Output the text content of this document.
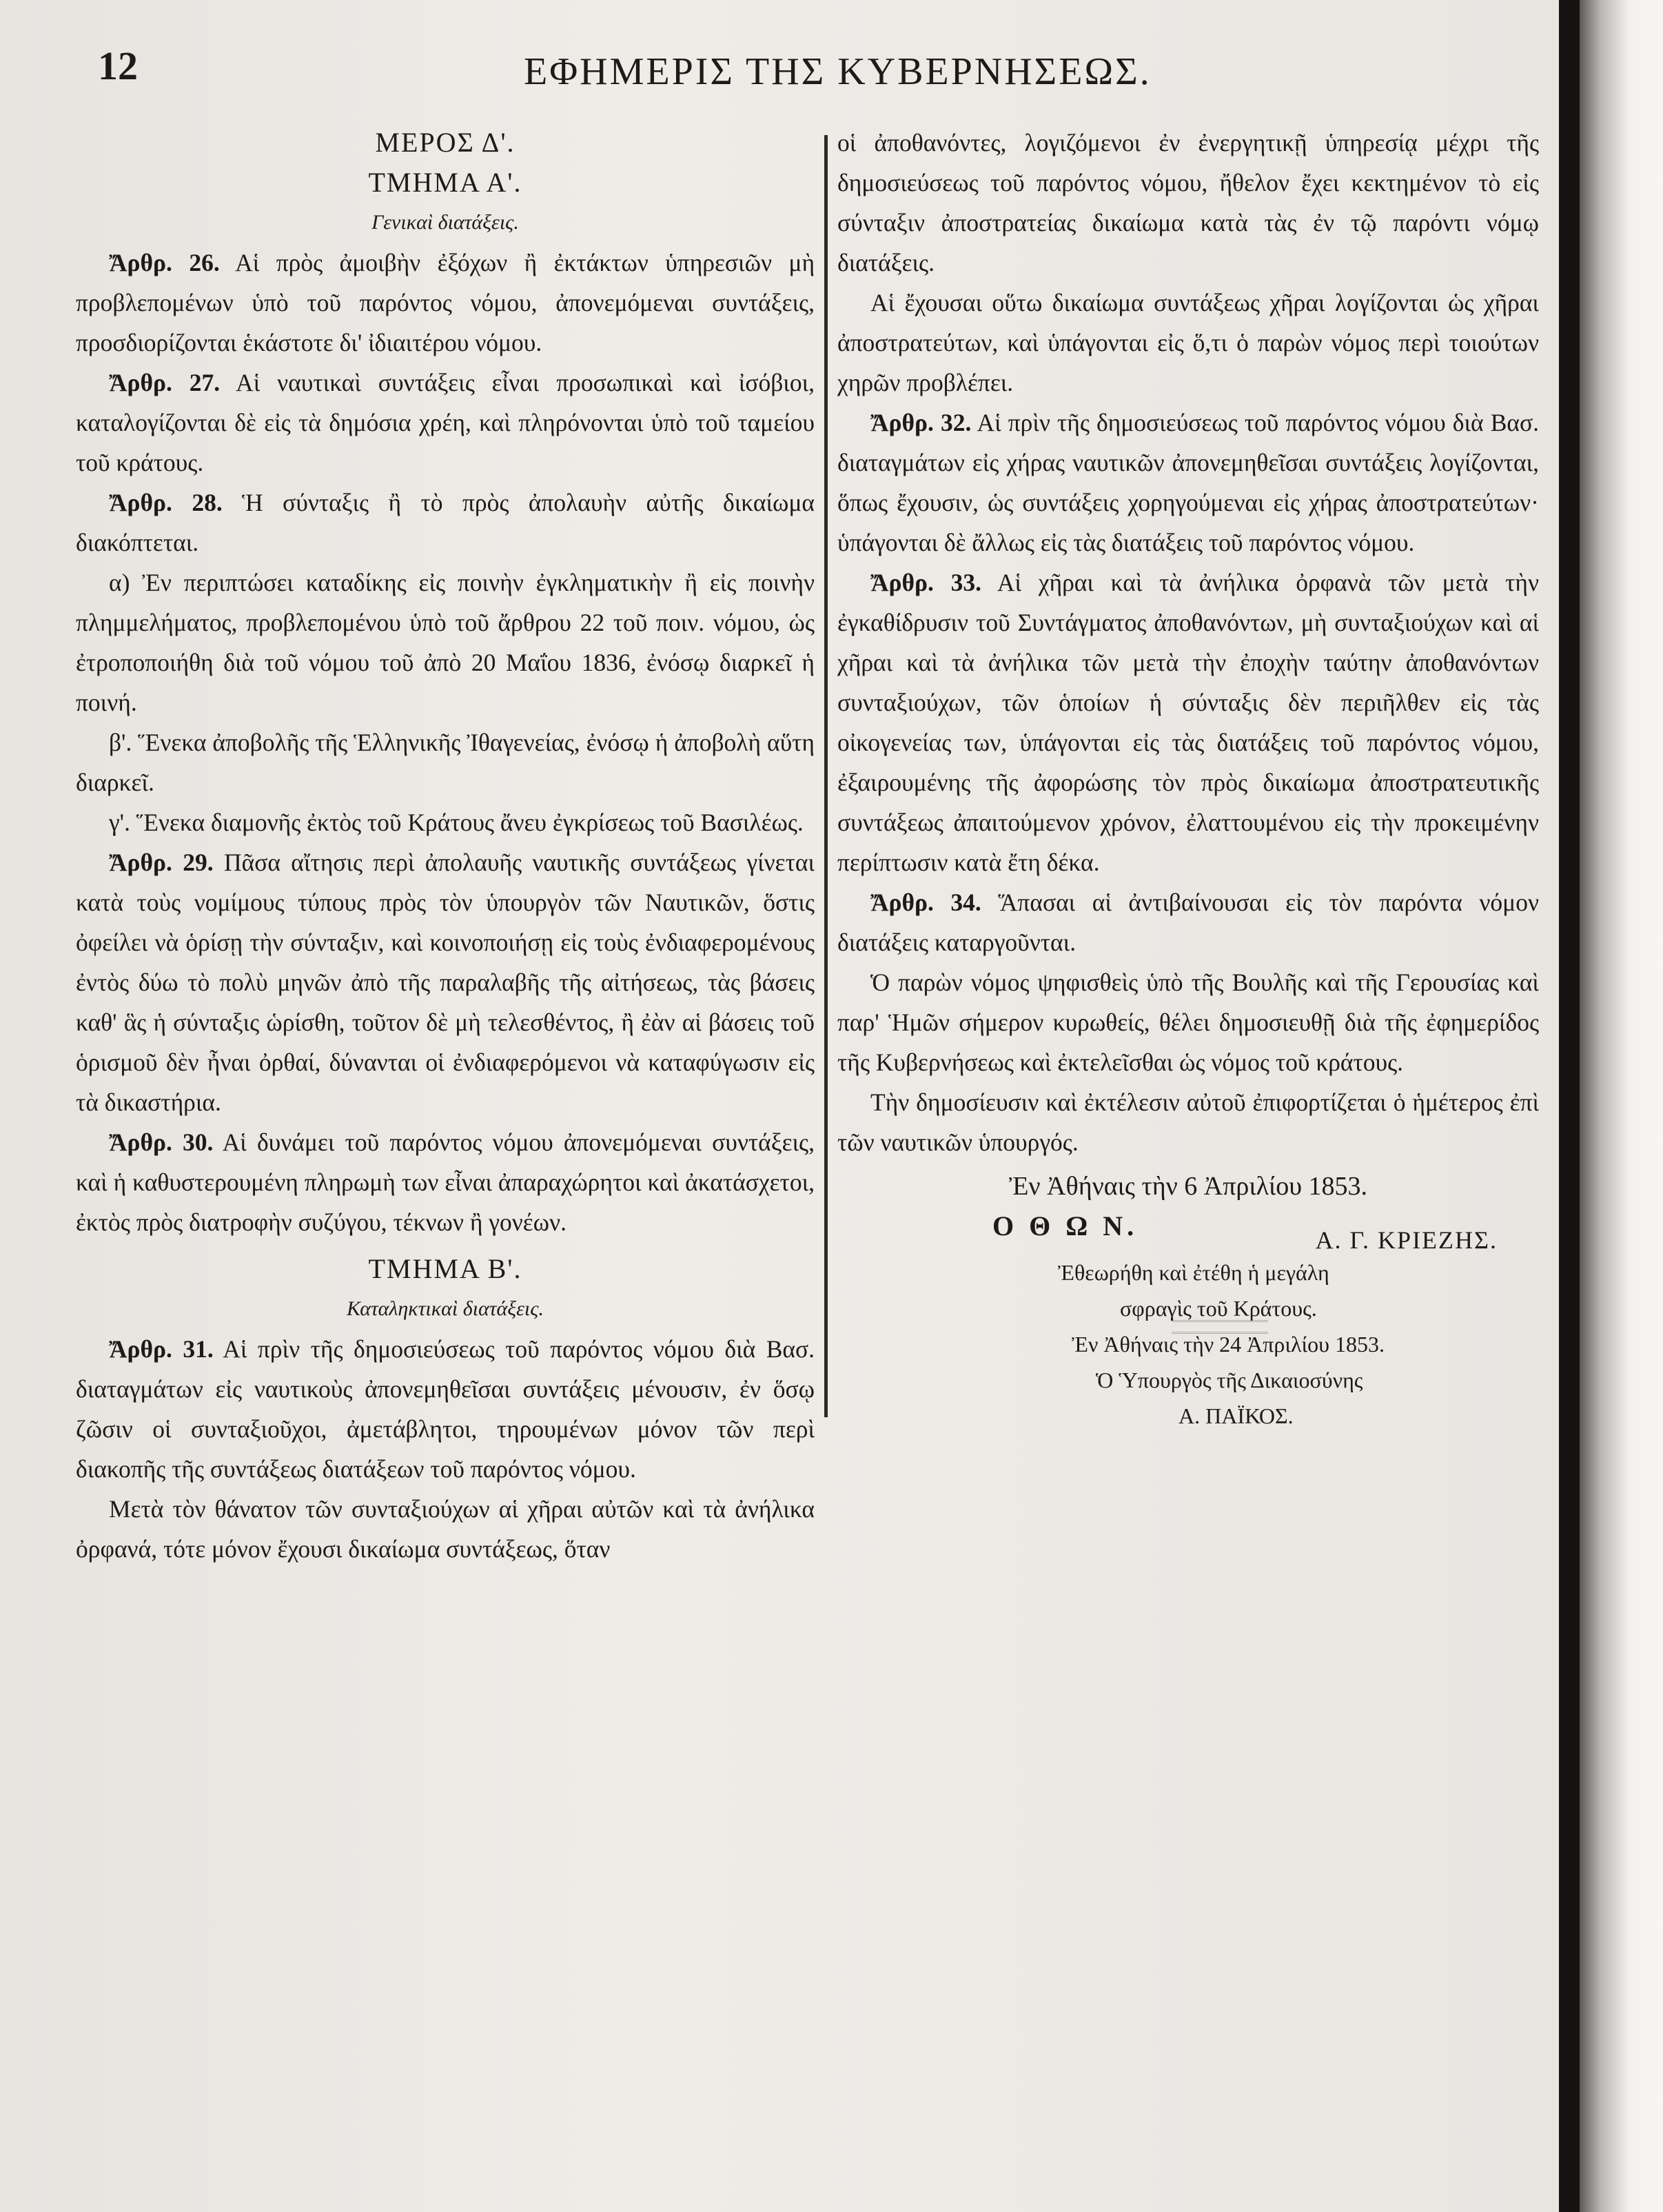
12	ΕΦΗΜΕΡΙΣ ΤΗΣ ΚΥΒΕΡΝΗΣΕΩΣ.

ΜΕΡΟΣ Δ'.

ΤΜΗΜΑ Α'.

Γενικαὶ διατάξεις.

Ἄρθρ. 26. Αἱ πρὸς ἀμοιβὴν ἐξόχων ἢ ἐκτάκτων ὑπηρεσιῶν μὴ προβλεπομένων ὑπὸ τοῦ παρόντος νόμου, ἀπονεμόμεναι συντάξεις, προσδιορίζονται ἑκάστοτε δι' ἰδιαιτέρου νόμου.

Ἄρθρ. 27. Αἱ ναυτικαὶ συντάξεις εἶναι προσωπικαὶ καὶ ἰσόβιοι, καταλογίζονται δὲ εἰς τὰ δημόσια χρέη, καὶ πληρόνονται ὑπὸ τοῦ ταμείου τοῦ κράτους.

Ἄρθρ. 28. Ἡ σύνταξις ἢ τὸ πρὸς ἀπολαυὴν αὐτῆς δικαίωμα διακόπτεται.

α) Ἐν περιπτώσει καταδίκης εἰς ποινὴν ἐγκληματικὴν ἢ εἰς ποινὴν πλημμελήματος, προβλεπομένου ὑπὸ τοῦ ἄρθρου 22 τοῦ ποιν. νόμου, ὡς ἐτροποποιήθη διὰ τοῦ νόμου τοῦ ἀπὸ 20 Μαΐου 1836, ἐνόσῳ διαρκεῖ ἡ ποινή.

β'. Ἕνεκα ἀποβολῆς τῆς Ἑλληνικῆς Ἰθαγενείας, ἐνόσῳ ἡ ἀποβολὴ αὕτη διαρκεῖ.

γ'. Ἕνεκα διαμονῆς ἐκτὸς τοῦ Κράτους ἄνευ ἐγκρίσεως τοῦ Βασιλέως.

Ἄρθρ. 29. Πᾶσα αἴτησις περὶ ἀπολαυῆς ναυτικῆς συντάξεως γίνεται κατὰ τοὺς νομίμους τύπους πρὸς τὸν ὑπουργὸν τῶν Ναυτικῶν, ὅστις ὀφείλει νὰ ὁρίσῃ τὴν σύνταξιν, καὶ κοινοποιήσῃ εἰς τοὺς ἐνδιαφερομένους ἐντὸς δύω τὸ πολὺ μηνῶν ἀπὸ τῆς παραλαβῆς τῆς αἰτήσεως, τὰς βάσεις καθ' ἃς ἡ σύνταξις ὡρίσθη, τοῦτον δὲ μὴ τελεσθέντος, ἢ ἐὰν αἱ βάσεις τοῦ ὁρισμοῦ δὲν ἦναι ὀρθαί, δύνανται οἱ ἐνδιαφερόμενοι νὰ καταφύγωσιν εἰς τὰ δικαστήρια.

Ἄρθρ. 30. Αἱ δυνάμει τοῦ παρόντος νόμου ἀπονεμόμεναι συντάξεις, καὶ ἡ καθυστερουμένη πληρωμὴ των εἶναι ἀπαραχώρητοι καὶ ἀκατάσχετοι, ἐκτὸς πρὸς διατροφὴν συζύγου, τέκνων ἢ γονέων.

ΤΜΗΜΑ Β'.

Καταληκτικαὶ διατάξεις.

Ἄρθρ. 31. Αἱ πρὶν τῆς δημοσιεύσεως τοῦ παρόντος νόμου διὰ Βασ. διαταγμάτων εἰς ναυτικοὺς ἀπονεμηθεῖσαι συντάξεις μένουσιν, ἐν ὅσῳ ζῶσιν οἱ συνταξιοῦχοι, ἀμετάβλητοι, τηρουμένων μόνον τῶν περὶ διακοπῆς τῆς συντάξεως διατάξεων τοῦ παρόντος νόμου.

Μετὰ τὸν θάνατον τῶν συνταξιούχων αἱ χῆραι αὐτῶν καὶ τὰ ἀνήλικα ὀρφανά, τότε μόνον ἔχουσι δικαίωμα συντάξεως, ὅταν

οἱ ἀποθανόντες, λογιζόμενοι ἐν ἐνεργητικῇ ὑπηρεσίᾳ μέχρι τῆς δημοσιεύσεως τοῦ παρόντος νόμου, ἤθελον ἔχει κεκτημένον τὸ εἰς σύνταξιν ἀποστρατείας δικαίωμα κατὰ τὰς ἐν τῷ παρόντι νόμῳ διατάξεις.

Αἱ ἔχουσαι οὕτω δικαίωμα συντάξεως χῆραι λογίζονται ὡς χῆραι ἀποστρατεύτων, καὶ ὑπάγονται εἰς ὅ,τι ὁ παρὼν νόμος περὶ τοιούτων χηρῶν προβλέπει.

Ἄρθρ. 32. Αἱ πρὶν τῆς δημοσιεύσεως τοῦ παρόντος νόμου διὰ Βασ. διαταγμάτων εἰς χήρας ναυτικῶν ἀπονεμηθεῖσαι συντάξεις λογίζονται, ὅπως ἔχουσιν, ὡς συντάξεις χορηγούμεναι εἰς χήρας ἀποστρατεύτων· ὑπάγονται δὲ ἄλλως εἰς τὰς διατάξεις τοῦ παρόντος νόμου.

Ἄρθρ. 33. Αἱ χῆραι καὶ τὰ ἀνήλικα ὀρφανὰ τῶν μετὰ τὴν ἐγκαθίδρυσιν τοῦ Συντάγματος ἀποθανόντων, μὴ συνταξιούχων καὶ αἱ χῆραι καὶ τὰ ἀνήλικα τῶν μετὰ τὴν ἐποχὴν ταύτην ἀποθανόντων συνταξιούχων, τῶν ὁποίων ἡ σύνταξις δὲν περιῆλθεν εἰς τὰς οἰκογενείας των, ὑπάγονται εἰς τὰς διατάξεις τοῦ παρόντος νόμου, ἐξαιρουμένης τῆς ἀφορώσης τὸν πρὸς δικαίωμα ἀποστρατευτικῆς συντάξεως ἀπαιτούμενον χρόνον, ἐλαττουμένου εἰς τὴν προκειμένην περίπτωσιν κατὰ ἔτη δέκα.

Ἄρθρ. 34. Ἅπασαι αἱ ἀντιβαίνουσαι εἰς τὸν παρόντα νόμον διατάξεις καταργοῦνται.

Ὁ παρὼν νόμος ψηφισθεὶς ὑπὸ τῆς Βουλῆς καὶ τῆς Γερουσίας καὶ παρ' Ἡμῶν σήμερον κυρωθείς, θέλει δημοσιευθῇ διὰ τῆς ἐφημερίδος τῆς Κυβερνήσεως καὶ ἐκτελεῖσθαι ὡς νόμος τοῦ κράτους.

Τὴν δημοσίευσιν καὶ ἐκτέλεσιν αὐτοῦ ἐπιφορτίζεται ὁ ἡμέτερος ἐπὶ τῶν ναυτικῶν ὑπουργός.

Ἐν Ἀθήναις τὴν 6 Ἀπριλίου 1853.

Ο Θ Ω Ν.	Α. Γ. ΚΡΙΕΖΗΣ.

Ἐθεωρήθη καὶ ἐτέθη ἡ μεγάλη

σφραγὶς τοῦ Κράτους.

Ἐν Ἀθήναις τὴν 24 Ἀπριλίου 1853.

Ὁ Ὑπουργὸς τῆς Δικαιοσύνης

Α. ΠΑΪΚΟΣ.
